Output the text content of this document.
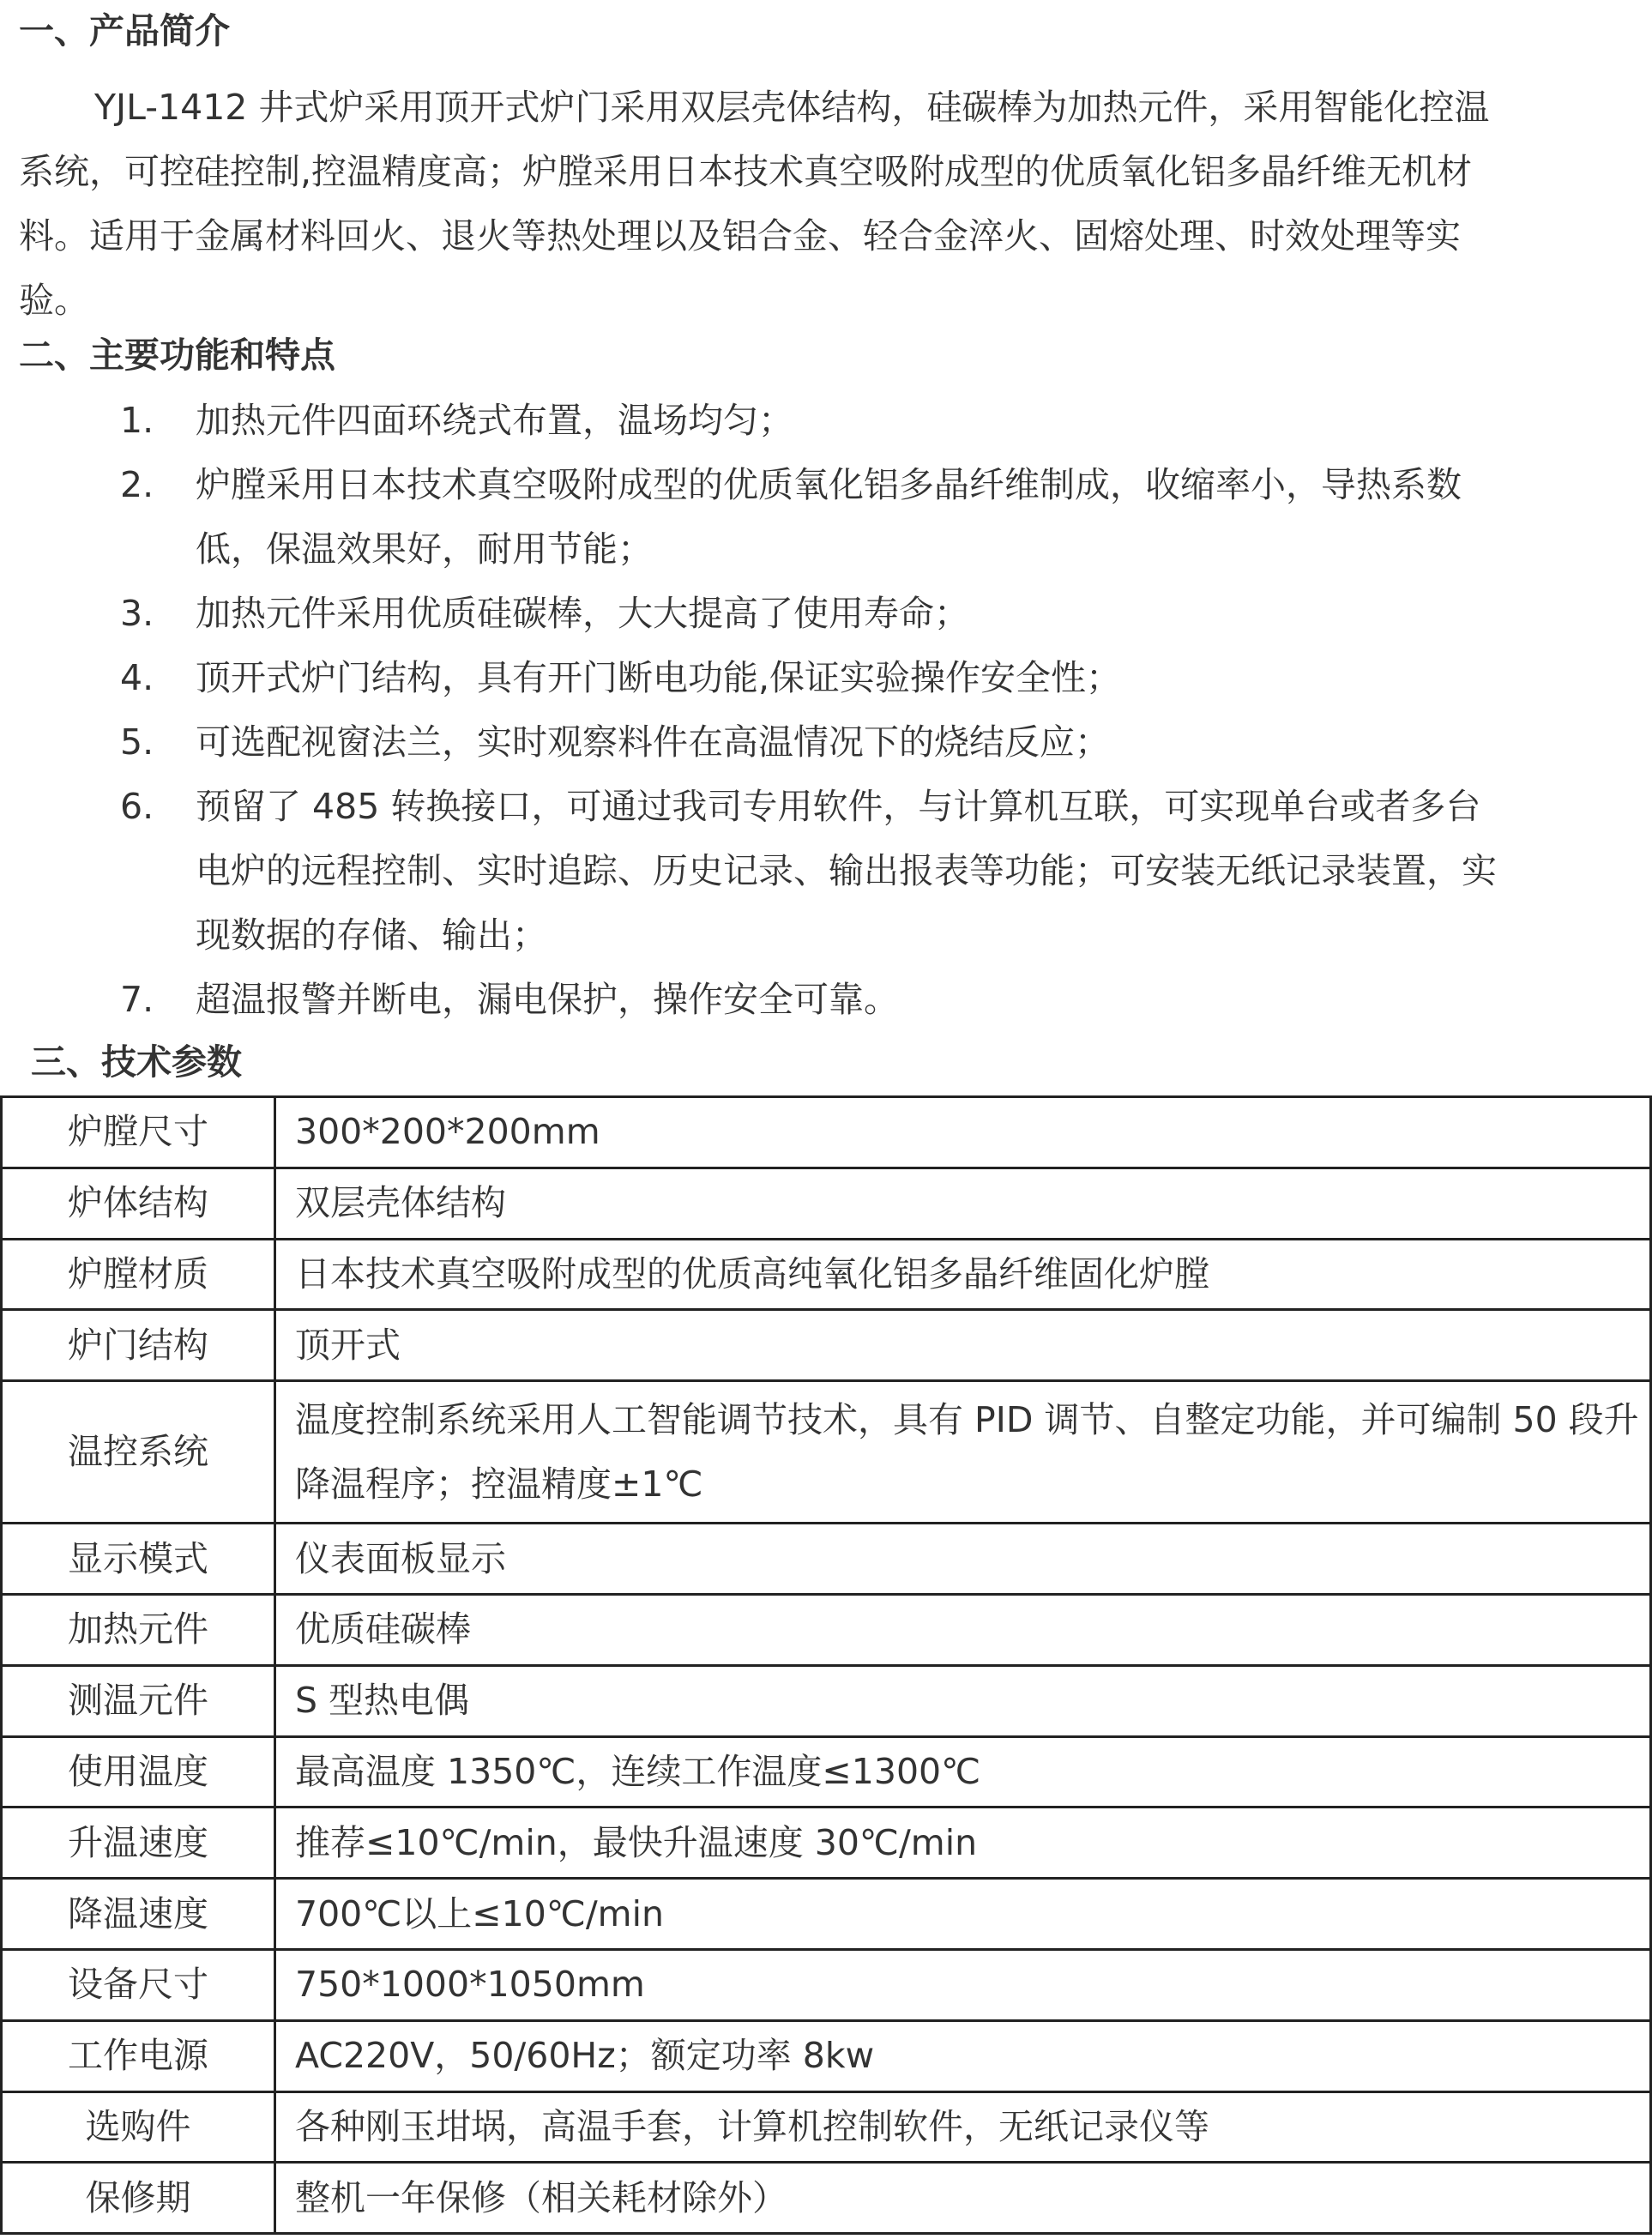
一、产品简介

YJL-1412 井式炉采用顶开式炉门采用双层壳体结构，硅碳棒为加热元件，采用智能化控温系统，可控硅控制,控温精度高；炉膛采用日本技术真空吸附成型的优质氧化铝多晶纤维无机材料。适用于金属材料回火、退火等热处理以及铝合金、轻合金淬火、固熔处理、时效处理等实验。

二、主要功能和特点
1.	加热元件四面环绕式布置，温场均匀；
2.	炉膛采用日本技术真空吸附成型的优质氧化铝多晶纤维制成，收缩率小，导热系数低，保温效果好，耐用节能；
3.	加热元件采用优质硅碳棒，大大提高了使用寿命；
4.	顶开式炉门结构，具有开门断电功能,保证实验操作安全性；
5.	可选配视窗法兰，实时观察料件在高温情况下的烧结反应；
6.	预留了 485 转换接口，可通过我司专用软件，与计算机互联，可实现单台或者多台电炉的远程控制、实时追踪、历史记录、输出报表等功能；可安装无纸记录装置，实现数据的存储、输出；
7.	超温报警并断电，漏电保护，操作安全可靠。
三、技术参数
炉膛尺寸	300*200*200mm
炉体结构	双层壳体结构
炉膛材质	日本技术真空吸附成型的优质高纯氧化铝多晶纤维固化炉膛
炉门结构	顶开式
温控系统	温度控制系统采用人工智能调节技术，具有 PID 调节、自整定功能，并可编制 50 段升降温程序；控温精度±1℃
显示模式	仪表面板显示
加热元件	优质硅碳棒
测温元件	S 型热电偶
使用温度	最高温度 1350℃，连续工作温度≤1300℃
升温速度	推荐≤10℃/min，最快升温速度 30℃/min
降温速度	700℃以上≤10℃/min
设备尺寸	750*1000*1050mm
工作电源	AC220V，50/60Hz；额定功率 8kw
选购件	各种刚玉坩埚，高温手套，计算机控制软件，无纸记录仪等
保修期	整机一年保修（相关耗材除外）
